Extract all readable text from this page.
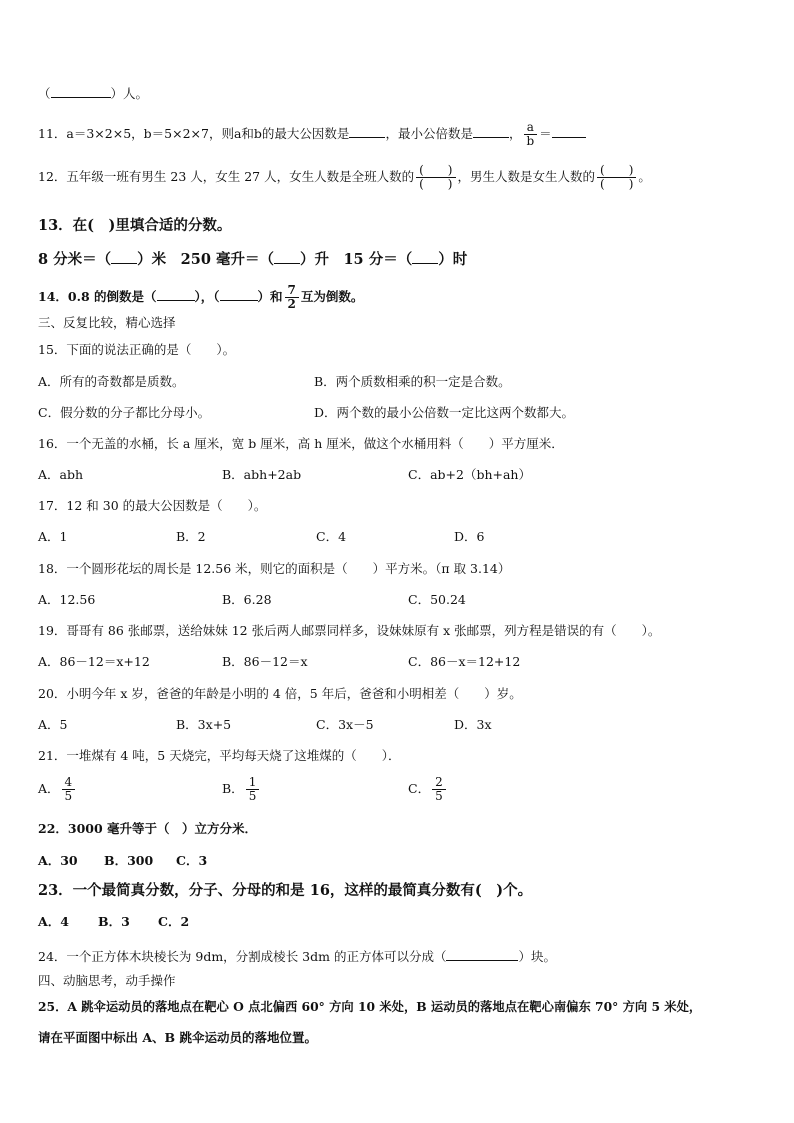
（	）人。
11．a＝3×2×5，b＝5×2×7，则a和b的最大公因数是	，最小公倍数是	， $\frac{a}{b}$ ＝
12．五年级一班有男生 23 人，女生 27 人，女生人数是全班人数的 $\frac{( )}{( )}$ ，男生人数是女生人数的 $\frac{( )}{( )}$ 。
13．在(　)里填合适的分数。
8 分米＝（ ）米　250 毫升＝（ ）升　15 分＝（ ）时
14．0.8 的倒数是（	），（	）和 $\frac{7}{2}$ 互为倒数。
三、反复比较，精心选择
15．下面的说法正确的是（　　）。
A．所有的奇数都是质数。	B．两个质数相乘的积一定是合数。
C．假分数的分子都比分母小。	D．两个数的最小公倍数一定比这两个数都大。
16．一个无盖的水桶，长 a 厘米，宽 b 厘米，高 h 厘米，做这个水桶用料（　　）平方厘米．
A．abh	B．abh+2ab	C．ab+2（bh+ah）
17．12 和 30 的最大公因数是（　　）。
A．1	B．2	C．4	D．6
18．一个圆形花坛的周长是 12.56 米，则它的面积是（　　）平方米。（π 取 3.14）
A．12.56	B．6.28	C．50.24
19．哥哥有 86 张邮票，送给妹妹 12 张后两人邮票同样多，设妹妹原有 x 张邮票，列方程是错误的有（　　）。
A．86－12＝x+12	B．86－12＝x	C．86－x＝12+12
20．小明今年 x 岁，爸爸的年龄是小明的 4 倍，5 年后，爸爸和小明相差（　　）岁。
A．5	B．3x+5	C．3x－5	D．3x
21．一堆煤有 4 吨，5 天烧完，平均每天烧了这堆煤的（　　）．
A． $\frac{4}{5}$	B． $\frac{1}{5}$	C． $\frac{2}{5}$
22．3000 毫升等于（　）立方分米．
A．30 B．300 C．3
23．一个最简真分数，分子、分母的和是 16，这样的最简真分数有(　)个。
A．4 B．3 C．2
24．一个正方体木块棱长为 9dm，分割成棱长 3dm 的正方体可以分成（	）块。
四、动脑思考，动手操作
25．A 跳伞运动员的落地点在靶心 O 点北偏西 60° 方向 10 米处，B 运动员的落地点在靶心南偏东 70° 方向 5 米处，
请在平面图中标出 A、B 跳伞运动员的落地位置。
